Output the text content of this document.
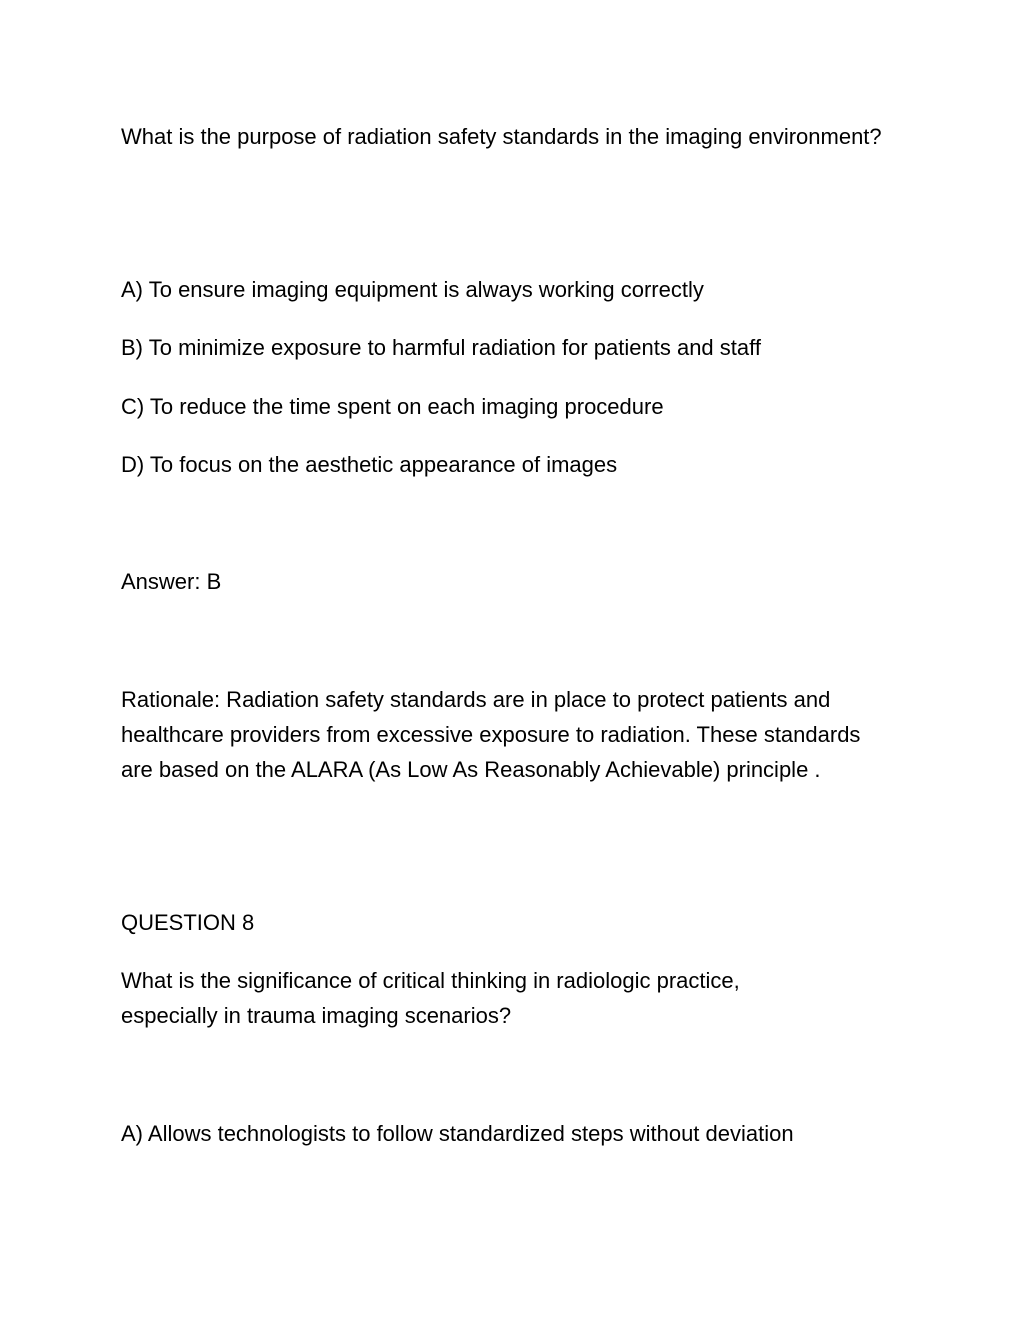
What is the purpose of radiation safety standards in the imaging environment?

A) To ensure imaging equipment is always working correctly

B) To minimize exposure to harmful radiation for patients and staff

C) To reduce the time spent on each imaging procedure

D) To focus on the aesthetic appearance of images

Answer: B

Rationale: Radiation safety standards are in place to protect patients and healthcare providers from excessive exposure to radiation. These standards are based on the ALARA (As Low As Reasonably Achievable) principle .

QUESTION 8

What is the significance of critical thinking in radiologic practice, especially in trauma imaging scenarios?

A) Allows technologists to follow standardized steps without deviation
